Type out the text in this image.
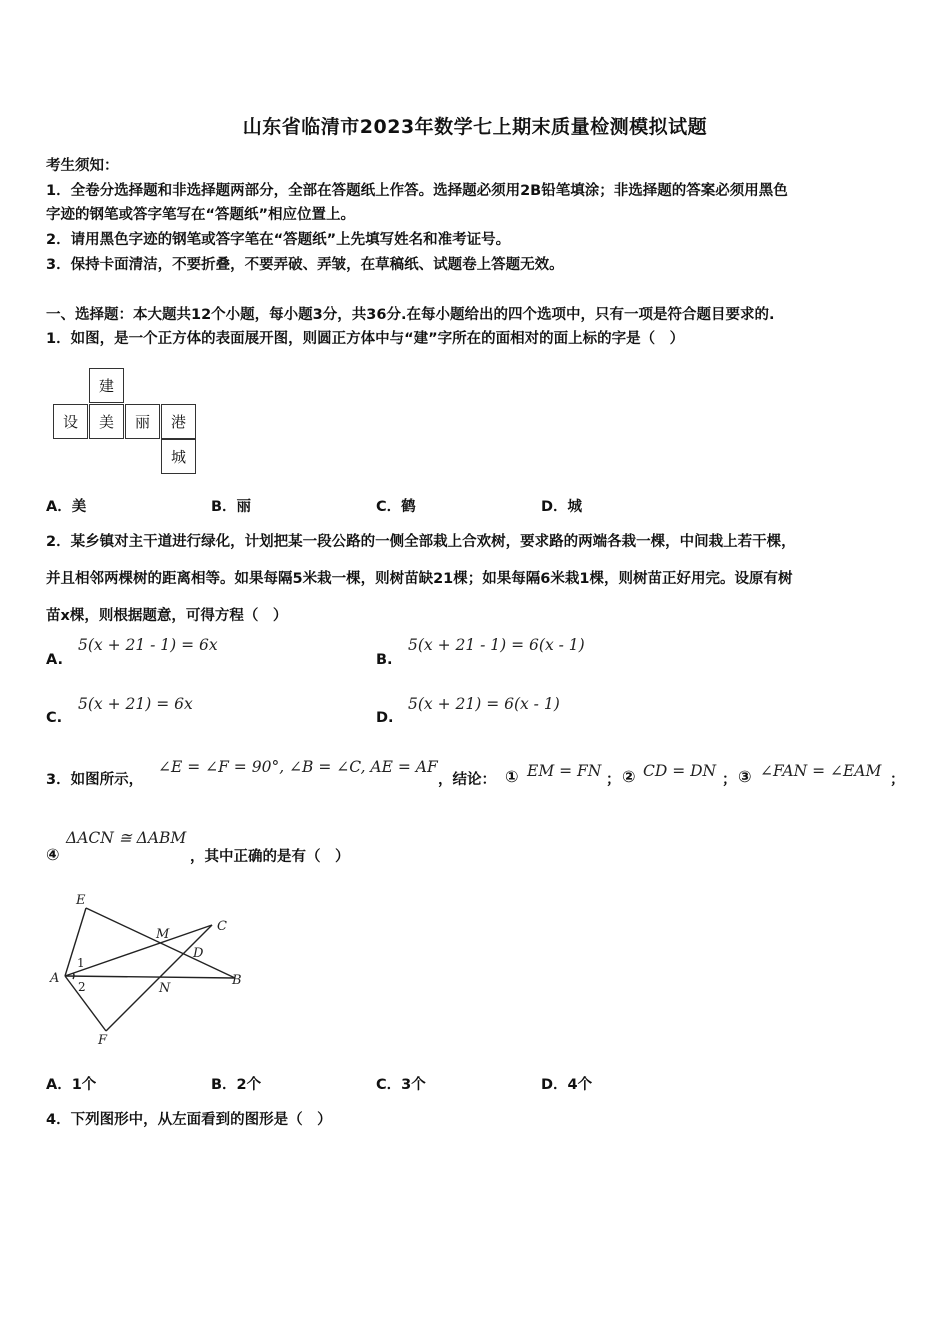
山东省临清市2023年数学七上期末质量检测模拟试题
考生须知：
1．全卷分选择题和非选择题两部分，全部在答题纸上作答。选择题必须用2B铅笔填涂；非选择题的答案必须用黑色
字迹的钢笔或答字笔写在“答题纸”相应位置上。
2．请用黑色字迹的钢笔或答字笔在“答题纸”上先填写姓名和准考证号。
3．保持卡面清洁，不要折叠，不要弄破、弄皱，在草稿纸、试题卷上答题无效。
一、选择题：本大题共12个小题，每小题3分，共36分.在每小题给出的四个选项中，只有一项是符合题目要求的.
1．如图，是一个正方体的表面展开图，则圆正方体中与“建”字所在的面相对的面上标的字是（　）
建
设	美	丽	港
城
A．美	B．丽	C．鹤	D．城
2．某乡镇对主干道进行绿化，计划把某一段公路的一侧全部栽上合欢树，要求路的两端各栽一棵，中间栽上若干棵，
并且相邻两棵树的距离相等。如果每隔5米栽一棵，则树苗缺21棵；如果每隔6米栽1棵，则树苗正好用完。设原有树
苗x棵，则根据题意，可得方程（　）
A.
5(x + 21 - 1) = 6x
B.
5(x + 21 - 1) = 6(x - 1)
C.
5(x + 21) = 6x
D.
5(x + 21) = 6(x - 1)
3．如图所示，
∠E = ∠F = 90°, ∠B = ∠C, AE = AF
，结论： ① EM = FN ； ② CD = DN ； ③ ∠FAN = ∠EAM ；
④
ΔACN ≅ ΔABM
，其中正确的是有（　）
E
M
C
D
A
N
B
F
1
2
A．1个	B．2个	C．3个	D．4个
4．下列图形中，从左面看到的图形是（　）
